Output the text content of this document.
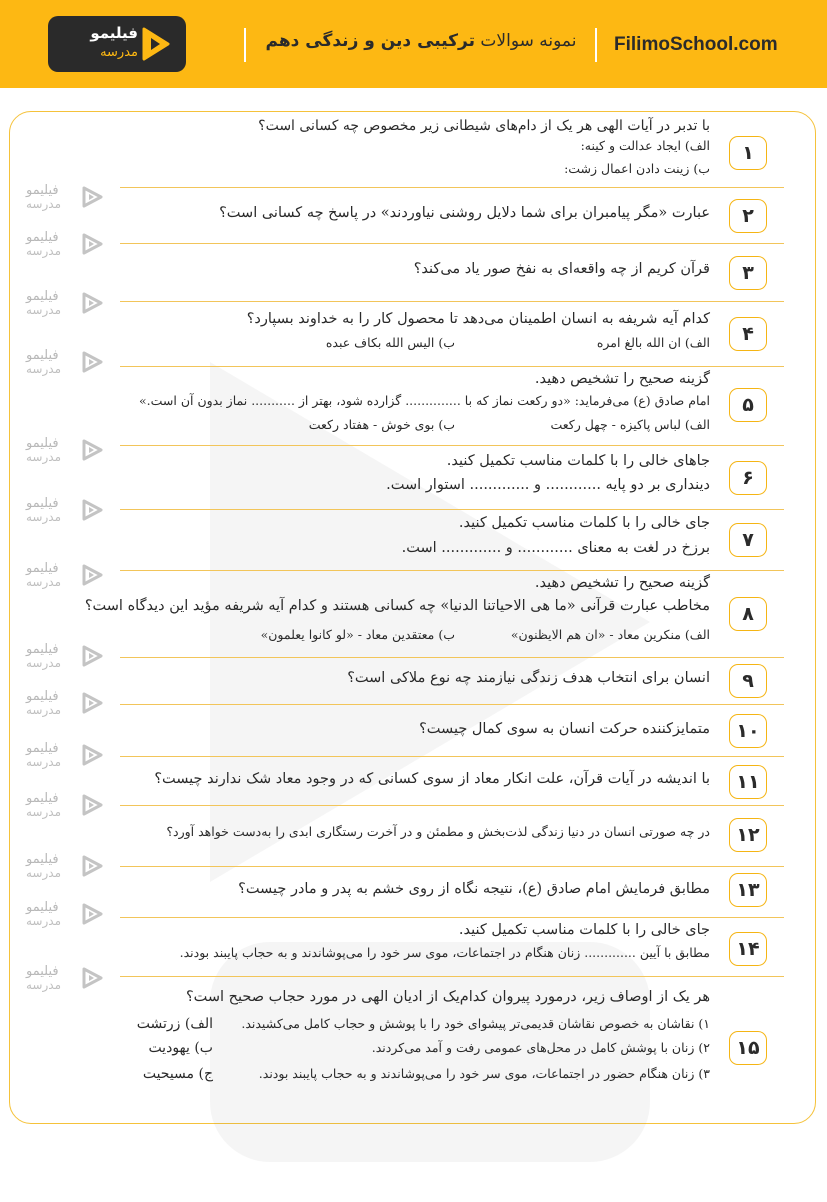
FilimoSchool.com
نمونه سوالات ترکیبی دین و زندگی دهم
فیلیمو
مدرسه
فیلیمو
مدرسه
فیلیمو
مدرسه
فیلیمو
مدرسه
فیلیمو
مدرسه
فیلیمو
مدرسه
فیلیمو
مدرسه
فیلیمو
مدرسه
فیلیمو
مدرسه
فیلیمو
مدرسه
فیلیمو
مدرسه
فیلیمو
مدرسه
فیلیمو
مدرسه
فیلیمو
مدرسه
فیلیمو
مدرسه
۱
با تدبر در آیات الهی هر یک از دام‌های شیطانی زیر مخصوص چه کسانی است؟
الف) ایجاد عدالت و کینه:
ب) زینت دادن اعمال زشت:
۲
عبارت «مگر پیامبران برای شما دلایل روشنی نیاوردند» در پاسخ چه کسانی است؟
۳
قرآن کریم از چه واقعه‌ای به نفخ صور یاد می‌کند؟
۴
کدام آیه شریفه به انسان اطمینان می‌دهد تا محصول کار را به خداوند بسپارد؟
الف) ان الله بالغ امره
ب) الیس الله بکاف عبده
۵
گزینه صحیح را تشخیص دهید.
امام صادق (ع) می‌فرماید: «دو رکعت نماز که با .............. گزارده شود، بهتر از ........... نماز بدون آن است.»
الف) لباس پاکیزه - چهل رکعت
ب) بوی خوش - هفتاد رکعت
۶
جاهای خالی را با کلمات مناسب تکمیل کنید.
دینداری بر دو پایه ............ و ............. استوار است.
۷
جای خالی را با کلمات مناسب تکمیل کنید.
برزخ در لغت به معنای ............ و ............. است.
۸
گزینه صحیح را تشخیص دهید.
مخاطب عبارت قرآنی «ما هی الاحیاتنا الدنیا» چه کسانی هستند و کدام آیه شریفه مؤید این دیدگاه است؟
الف) منکرین معاد - «ان هم الایظنون»
ب) معتقدین معاد - «لو کانوا یعلمون»
۹
انسان برای انتخاب هدف زندگی نیازمند چه نوع ملاکی است؟
۱۰
متمایزکننده حرکت انسان به سوی کمال چیست؟
۱۱
با اندیشه در آیات قرآن، علت انکار معاد از سوی کسانی که در وجود معاد شک ندارند چیست؟
۱۲
در چه صورتی انسان در دنیا زندگی لذت‌بخش و مطمئن و در آخرت رستگاری ابدی را به‌دست خواهد آورد؟
۱۳
مطابق فرمایش امام صادق (ع)، نتیجه نگاه از روی خشم به پدر و مادر چیست؟
۱۴
جای خالی را با کلمات مناسب تکمیل کنید.
مطابق با آیین ............. زنان هنگام در اجتماعات، موی سر خود را می‌پوشاندند و به حجاب پایبند بودند.
۱۵
هر یک از اوصاف زیر، درمورد پیروان کدام‌یک از ادیان الهی در مورد حجاب صحیح است؟
۱) نقاشان به خصوص نقاشان قدیمی‌تر پیشوای خود را با پوشش و حجاب کامل می‌کشیدند.
۲) زنان با پوشش کامل در محل‌های عمومی رفت و آمد می‌کردند.
۳) زنان هنگام حضور در اجتماعات، موی سر خود را می‌پوشاندند و به حجاب پایبند بودند.
الف) زرتشت
ب) یهودیت
ج) مسیحیت
